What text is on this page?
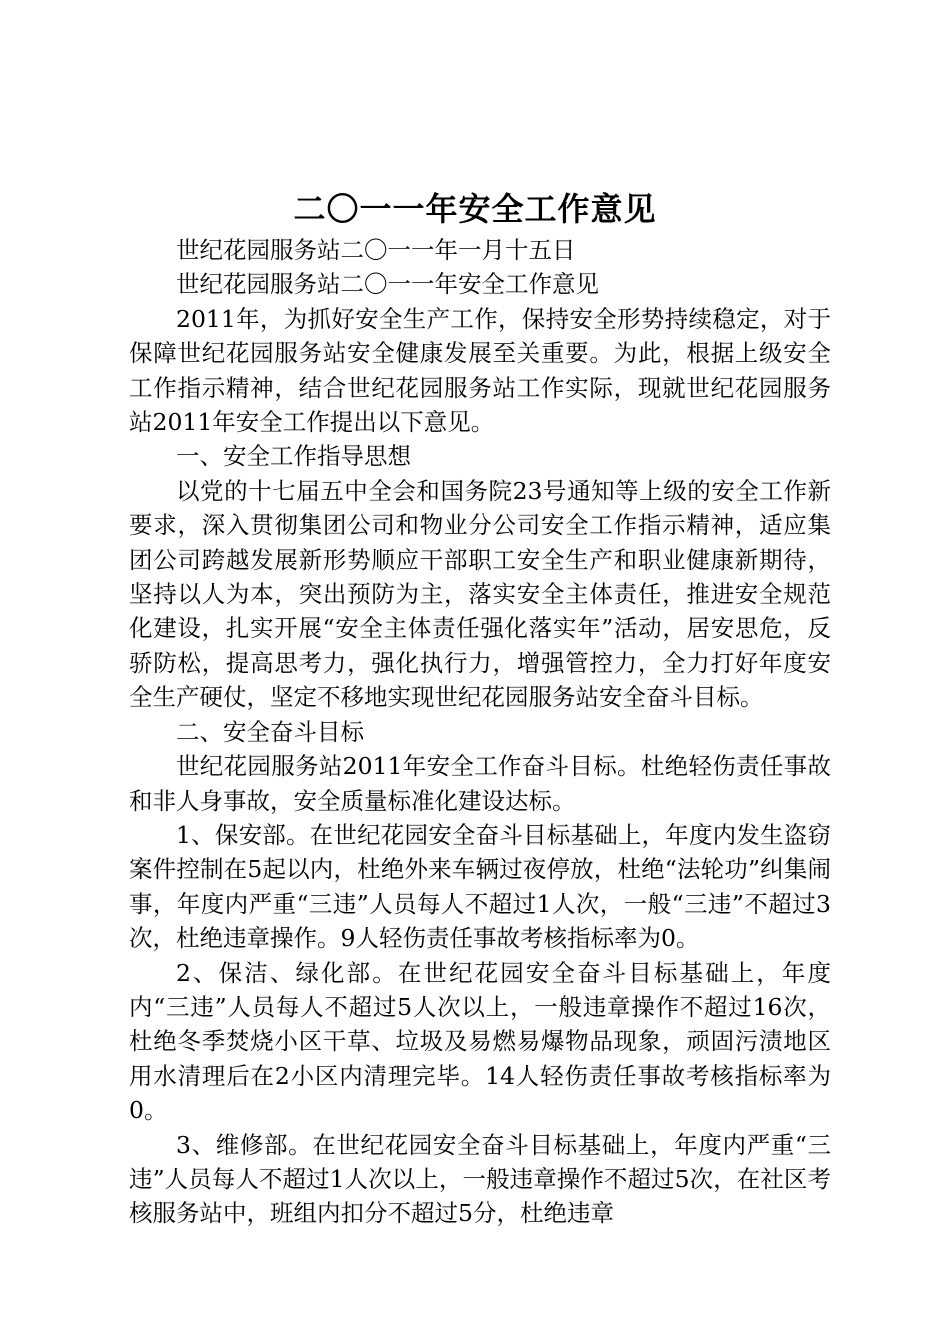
二〇一一年安全工作意见

世纪花园服务站二〇一一年一月十五日

世纪花园服务站二〇一一年安全工作意见

2011年，为抓好安全生产工作，保持安全形势持续稳定，对于保障世纪花园服务站安全健康发展至关重要。为此，根据上级安全工作指示精神，结合世纪花园服务站工作实际，现就世纪花园服务站2011年安全工作提出以下意见。

一、安全工作指导思想

以党的十七届五中全会和国务院23号通知等上级的安全工作新要求，深入贯彻集团公司和物业分公司安全工作指示精神，适应集团公司跨越发展新形势顺应干部职工安全生产和职业健康新期待，坚持以人为本，突出预防为主，落实安全主体责任，推进安全规范化建设，扎实开展“安全主体责任强化落实年”活动，居安思危，反骄防松，提高思考力，强化执行力，增强管控力，全力打好年度安全生产硬仗，坚定不移地实现世纪花园服务站安全奋斗目标。

二、安全奋斗目标

世纪花园服务站2011年安全工作奋斗目标。杜绝轻伤责任事故和非人身事故，安全质量标准化建设达标。

1、保安部。在世纪花园安全奋斗目标基础上，年度内发生盗窃案件控制在5起以内，杜绝外来车辆过夜停放，杜绝“法轮功”纠集闹事，年度内严重“三违”人员每人不超过1人次，一般“三违”不超过3次，杜绝违章操作。9人轻伤责任事故考核指标率为0。

2、保洁、绿化部。在世纪花园安全奋斗目标基础上，年度内“三违”人员每人不超过5人次以上，一般违章操作不超过16次，杜绝冬季焚烧小区干草、垃圾及易燃易爆物品现象，顽固污渍地区用水清理后在2小区内清理完毕。14人轻伤责任事故考核指标率为0。

3、维修部。在世纪花园安全奋斗目标基础上，年度内严重“三违”人员每人不超过1人次以上，一般违章操作不超过5次，在社区考核服务站中，班组内扣分不超过5分，杜绝违章
